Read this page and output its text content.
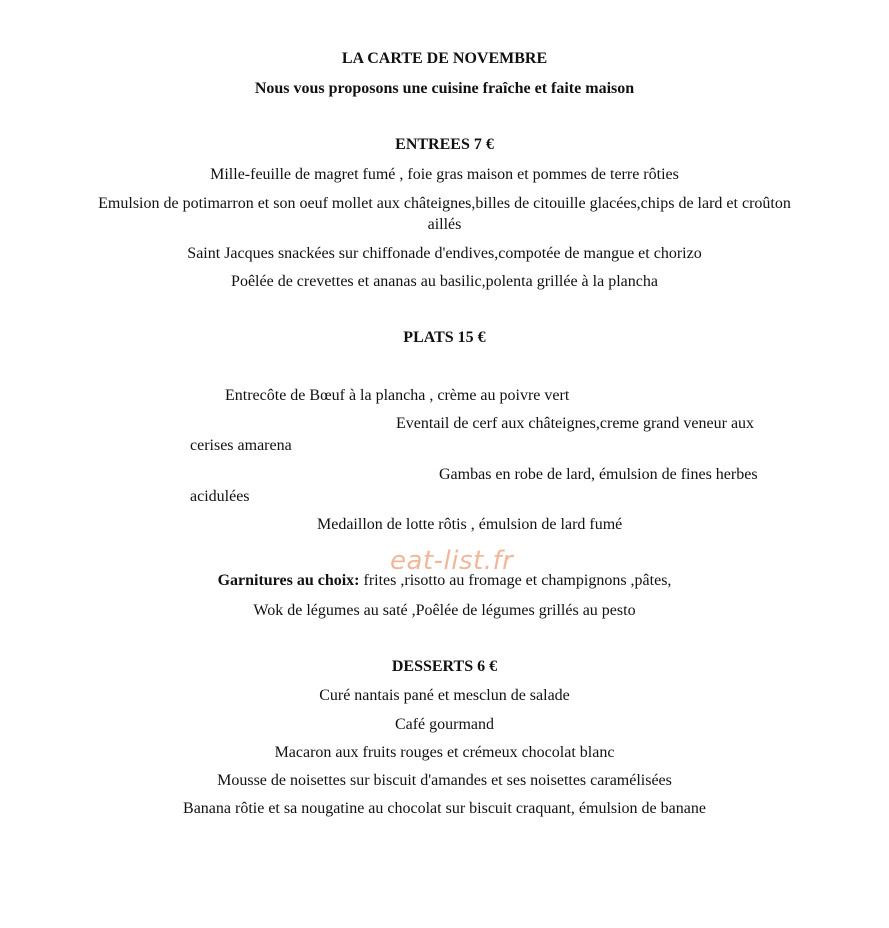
LA CARTE DE NOVEMBRE
Nous vous proposons une cuisine fraîche et faite maison
ENTREES 7 €
Mille-feuille de magret fumé , foie gras maison et pommes de terre rôties
Emulsion de potimarron et son oeuf mollet aux châteignes,billes de citouille glacées,chips de lard et croûton
aillés
Saint Jacques snackées sur chiffonade d'endives,compotée de mangue et chorizo
Poêlée de crevettes et ananas au basilic,polenta grillée à la plancha
PLATS 15 €
Entrecôte de Bœuf à la plancha , crème au poivre vert
Eventail de cerf aux châteignes,creme grand veneur aux
cerises amarena
Gambas en robe de lard, émulsion de fines herbes
acidulées
Medaillon de lotte rôtis , émulsion de lard fumé
eat-list.fr
Garnitures au choix: frites ,risotto au fromage et champignons ,pâtes,
Wok de légumes au saté ,Poêlée de légumes grillés au pesto
DESSERTS 6 €
Curé nantais pané et mesclun de salade
Café gourmand
Macaron aux fruits rouges et crémeux chocolat blanc
Mousse de noisettes sur biscuit d'amandes et ses noisettes caramélisées
Banana rôtie et sa nougatine au chocolat sur biscuit craquant, émulsion de banane
